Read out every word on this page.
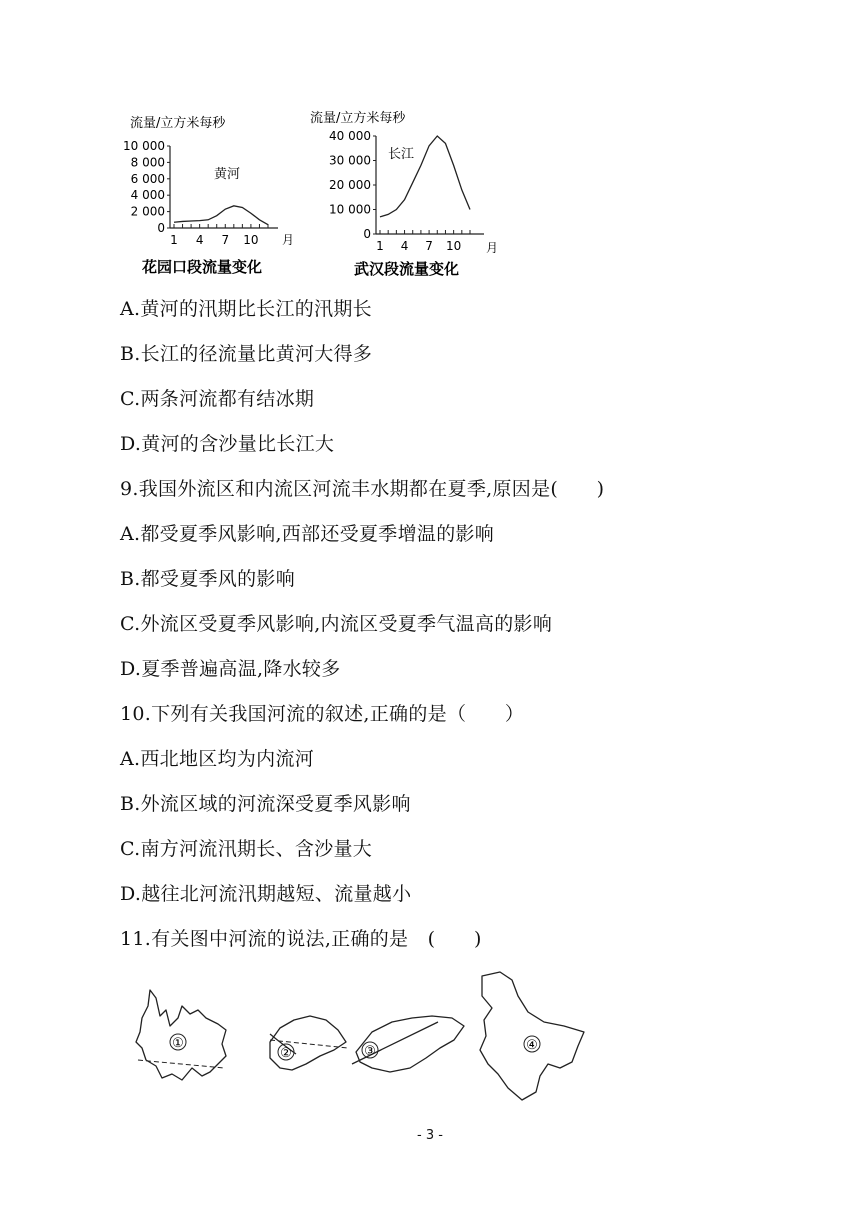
流量/立方米每秒
10 000
8 000
6 000
4 000
2 000
0
1 4 7 10
黄河
月
花园口段流量变化
流量/立方米每秒
40 000
30 000
20 000
10 000
0
1 4 7 10
长江
月
武汉段流量变化
A.黄河的汛期比长江的汛期长
B.长江的径流量比黄河大得多
C.两条河流都有结冰期
D.黄河的含沙量比长江大
9.我国外流区和内流区河流丰水期都在夏季,原因是(　　)
A.都受夏季风影响,西部还受夏季增温的影响
B.都受夏季风的影响
C.外流区受夏季风影响,内流区受夏季气温高的影响
D.夏季普遍高温,降水较多
10.下列有关我国河流的叙述,正确的是（　　）
A.西北地区均为内流河
B.外流区域的河流深受夏季风影响
C.南方河流汛期长、含沙量大
D.越往北河流汛期越短、流量越小
11.有关图中河流的说法,正确的是　(　　)
①
②	③	④
- 3 -
